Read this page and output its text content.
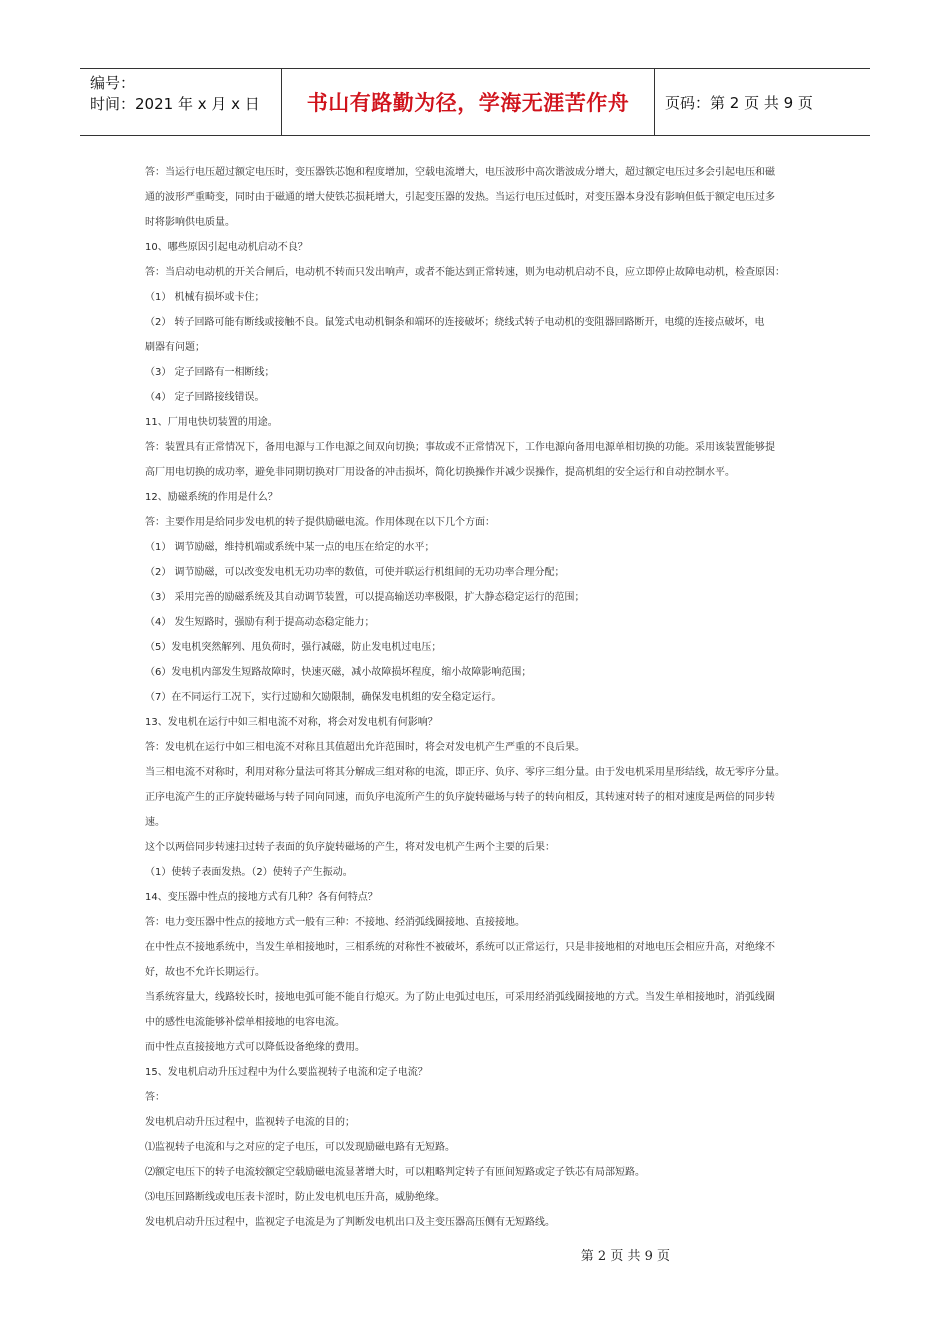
编号：
时间：2021 年 x 月 x 日	书山有路勤为径，学海无涯苦作舟	页码：第 2 页 共 9 页
答：当运行电压超过额定电压时，变压器铁芯饱和程度增加，空载电流增大，电压波形中高次谐波成分增大，超过额定电压过多会引起电压和磁
通的波形严重畸变，同时由于磁通的增大使铁芯损耗增大，引起变压器的发热。当运行电压过低时，对变压器本身没有影响但低于额定电压过多
时将影响供电质量。
10、哪些原因引起电动机启动不良？
答：当启动电动机的开关合闸后，电动机不转而只发出响声，或者不能达到正常转速，则为电动机启动不良，应立即停止故障电动机，检查原因：
（1） 机械有损坏或卡住；
（2） 转子回路可能有断线或接触不良。鼠笼式电动机铜条和端环的连接破坏；绕线式转子电动机的变阻器回路断开，电缆的连接点破坏，电
刷器有问题；
（3） 定子回路有一相断线；
（4） 定子回路接线错误。
11、厂用电快切装置的用途。
答：装置具有正常情况下，备用电源与工作电源之间双向切换；事故或不正常情况下，工作电源向备用电源单相切换的功能。采用该装置能够提
高厂用电切换的成功率，避免非同期切换对厂用设备的冲击损坏，简化切换操作并减少误操作，提高机组的安全运行和自动控制水平。
12、励磁系统的作用是什么？
答：主要作用是给同步发电机的转子提供励磁电流。作用体现在以下几个方面：
（1） 调节励磁，维持机端或系统中某一点的电压在给定的水平；
（2） 调节励磁，可以改变发电机无功功率的数值，可使并联运行机组间的无功功率合理分配；
（3） 采用完善的励磁系统及其自动调节装置，可以提高输送功率极限，扩大静态稳定运行的范围；
（4） 发生短路时，强励有利于提高动态稳定能力；
（5）发电机突然解列、甩负荷时，强行减磁，防止发电机过电压；
（6）发电机内部发生短路故障时，快速灭磁，减小故障损坏程度，缩小故障影响范围；
（7）在不同运行工况下，实行过励和欠励限制，确保发电机组的安全稳定运行。
13、发电机在运行中如三相电流不对称，将会对发电机有何影响？
答：发电机在运行中如三相电流不对称且其值超出允许范围时，将会对发电机产生严重的不良后果。
当三相电流不对称时，利用对称分量法可将其分解成三组对称的电流，即正序、负序、零序三组分量。由于发电机采用星形结线，故无零序分量。
正序电流产生的正序旋转磁场与转子同向同速，而负序电流所产生的负序旋转磁场与转子的转向相反，其转速对转子的相对速度是两倍的同步转
速。
这个以两倍同步转速扫过转子表面的负序旋转磁场的产生，将对发电机产生两个主要的后果：
（1）使转子表面发热。（2）使转子产生振动。
14、变压器中性点的接地方式有几种？各有何特点？
答：电力变压器中性点的接地方式一般有三种：不接地、经消弧线圈接地、直接接地。
在中性点不接地系统中，当发生单相接地时，三相系统的对称性不被破坏，系统可以正常运行，只是非接地相的对地电压会相应升高，对绝缘不
好，故也不允许长期运行。
当系统容量大，线路较长时，接地电弧可能不能自行熄灭。为了防止电弧过电压，可采用经消弧线圈接地的方式。当发生单相接地时，消弧线圈
中的感性电流能够补偿单相接地的电容电流。
而中性点直接接地方式可以降低设备绝缘的费用。
15、发电机启动升压过程中为什么要监视转子电流和定子电流？
答：
发电机启动升压过程中，监视转子电流的目的；
⑴监视转子电流和与之对应的定子电压，可以发现励磁电路有无短路。
⑵额定电压下的转子电流较额定空载励磁电流显著增大时，可以粗略判定转子有匝间短路或定子铁芯有局部短路。
⑶电压回路断线或电压表卡涩时，防止发电机电压升高，威胁绝缘。
发电机启动升压过程中，监视定子电流是为了判断发电机出口及主变压器高压侧有无短路线。
第 2 页 共 9 页
